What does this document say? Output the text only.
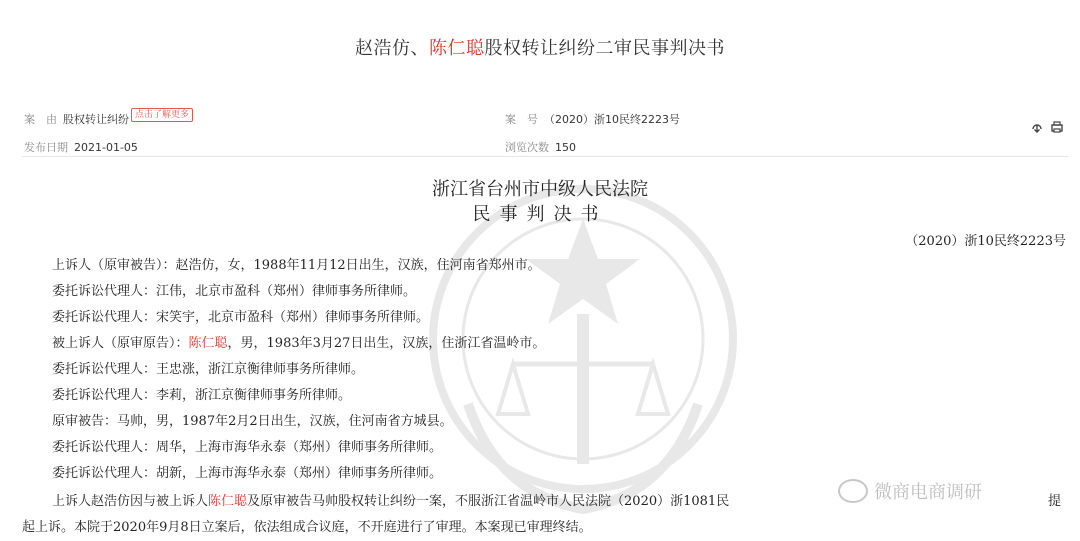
赵浩仿、陈仁聪股权转让纠纷二审民事判决书
案　由 股权转让纠纷 点击了解更多	案　号 （2020）浙10民终2223号
发布日期 2021-01-05	浏览次数 150

浙江省台州市中级人民法院
民事判决书
（2020）浙10民终2223号
上诉人（原审被告）：赵浩仿，女，1988年11月12日出生，汉族，住河南省郑州市。
委托诉讼代理人：江伟，北京市盈科（郑州）律师事务所律师。
委托诉讼代理人：宋笑宇，北京市盈科（郑州）律师事务所律师。
被上诉人（原审原告）：陈仁聪，男，1983年3月27日出生，汉族，住浙江省温岭市。
委托诉讼代理人：王忠涨，浙江京衡律师事务所律师。
委托诉讼代理人：李莉，浙江京衡律师事务所律师。
原审被告：马帅，男，1987年2月2日出生，汉族，住河南省方城县。
委托诉讼代理人：周华，上海市海华永泰（郑州）律师事务所律师。
委托诉讼代理人：胡新，上海市海华永泰（郑州）律师事务所律师。
上诉人赵浩仿因与被上诉人陈仁聪及原审被告马帅股权转让纠纷一案，不服浙江省温岭市人民法院（2020）浙1081民	提
起上诉。本院于2020年9月8日立案后，依法组成合议庭，不开庭进行了审理。本案现已审理终结。
微商电商调研
